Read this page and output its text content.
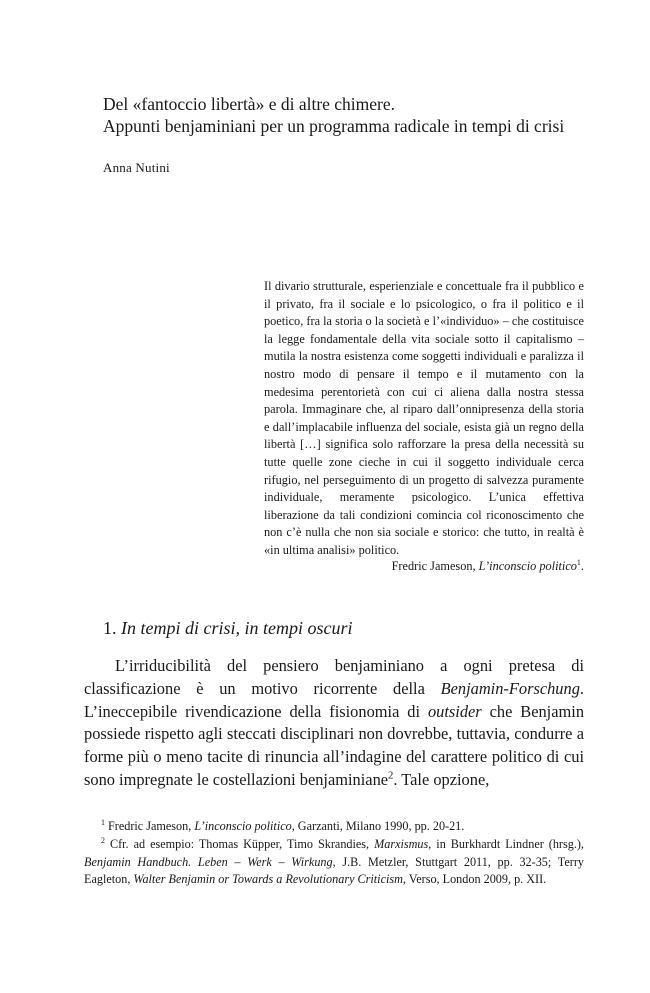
Del «fantoccio libertà» e di altre chimere.
Appunti benjaminiani per un programma radicale in tempi di crisi
Anna Nutini
Il divario strutturale, esperienziale e concettuale fra il pubblico e il privato, fra il sociale e lo psicologico, o fra il politico e il poetico, fra la storia o la società e l’«individuo» – che costituisce la legge fondamentale della vita sociale sotto il capitalismo – mutila la nostra esistenza come soggetti individuali e paralizza il nostro modo di pensare il tempo e il mutamento con la medesima perentorietà con cui ci aliena dalla nostra stessa parola. Immaginare che, al riparo dall’onnipresenza della storia e dall’implacabile influenza del sociale, esista già un regno della libertà […] significa solo rafforzare la presa della necessità su tutte quelle zone cieche in cui il soggetto individuale cerca rifugio, nel perseguimento di un progetto di salvezza puramente individuale, meramente psicologico. L’unica effettiva liberazione da tali condizioni comincia col riconoscimento che non c’è nulla che non sia sociale e storico: che tutto, in realtà è «in ultima analisi» politico.
Fredric Jameson, L’inconscio politico$^1$.
1. In tempi di crisi, in tempi oscuri

L’irriducibilità del pensiero benjaminiano a ogni pretesa di classificazione è un motivo ricorrente della Benjamin-Forschung. L’ineccepibile rivendicazione della fisionomia di outsider che Benjamin possiede rispetto agli steccati disciplinari non dovrebbe, tuttavia, condurre a forme più o meno tacite di rinuncia all’indagine del carattere politico di cui sono impregnate le costellazioni benjaminiane$^2$. Tale opzione,

$^1$ Fredric Jameson, L’inconscio politico, Garzanti, Milano 1990, pp. 20-21.

$^2$ Cfr. ad esempio: Thomas Küpper, Timo Skrandies, Marxismus, in Burkhardt Lindner (hrsg.), Benjamin Handbuch. Leben – Werk – Wirkung, J.B. Metzler, Stuttgart 2011, pp. 32-35; Terry Eagleton, Walter Benjamin or Towards a Revolutionary Criticism, Verso, London 2009, p. XII.
